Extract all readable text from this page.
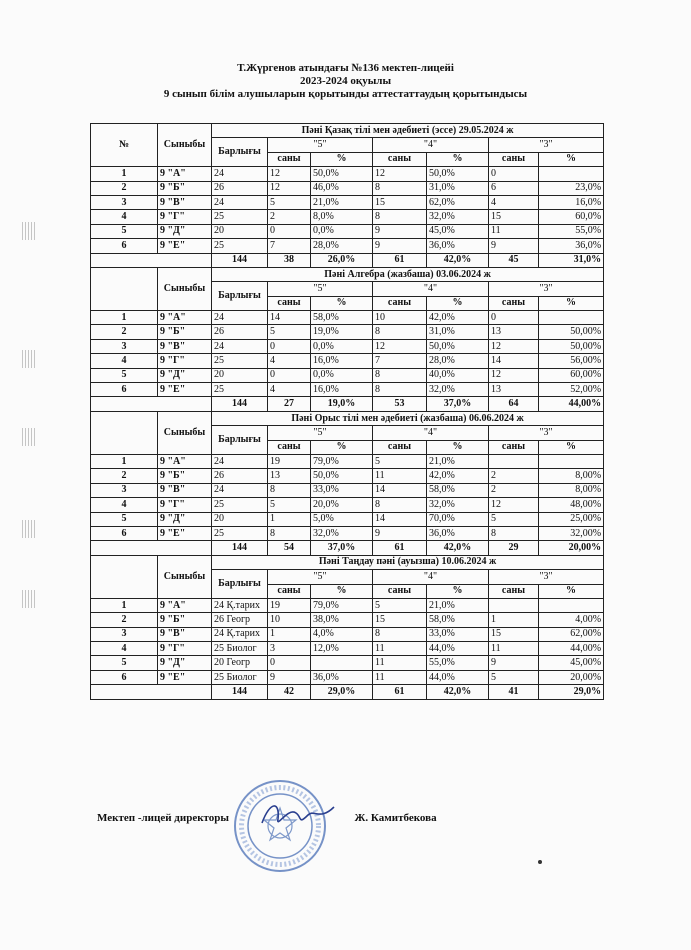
Т.Жүргенов атындағы №136 мектеп-лицейі
2023-2024 оқуылы
9 сынып білім алушыларын қорытынды аттестаттаудың қорытындысы
№	Сыныбы	Пәні Қазақ тілі мен әдебиеті (эссе) 29.05.2024 ж						
		Барлығы	"5"		"4"		"3"	
			саны	%	саны	%	саны	%
1	9 "А"	24	12	50,0%	12	50,0%	0	
2	9 "Б"	26	12	46,0%	8	31,0%	6	23,0%
3	9 "В"	24	5	21,0%	15	62,0%	4	16,0%
4	9 "Г"	25	2	8,0%	8	32,0%	15	60,0%
5	9 "Д"	20	0	0,0%	9	45,0%	11	55,0%
6	9 "Е"	25	7	28,0%	9	36,0%	9	36,0%
		144	38	26,0%	61	42,0%	45	31,0%
	Сыныбы	Пәні Алгебра (жазбаша) 03.06.2024 ж						
		Барлығы	"5"		"4"		"3"	
			саны	%	саны	%	саны	%
1	9 "А"	24	14	58,0%	10	42,0%	0	
2	9 "Б"	26	5	19,0%	8	31,0%	13	50,00%
3	9 "В"	24	0	0,0%	12	50,0%	12	50,00%
4	9 "Г"	25	4	16,0%	7	28,0%	14	56,00%
5	9 "Д"	20	0	0,0%	8	40,0%	12	60,00%
6	9 "Е"	25	4	16,0%	8	32,0%	13	52,00%
		144	27	19,0%	53	37,0%	64	44,00%
	Сыныбы	Пәні Орыс тілі мен әдебиеті (жазбаша) 06.06.2024 ж						
		Барлығы	"5"		"4"		"3"	
			саны	%	саны	%	саны	%
1	9 "А"	24	19	79,0%	5	21,0%		
2	9 "Б"	26	13	50,0%	11	42,0%	2	8,00%
3	9 "В"	24	8	33,0%	14	58,0%	2	8,00%
4	9 "Г"	25	5	20,0%	8	32,0%	12	48,00%
5	9 "Д"	20	1	5,0%	14	70,0%	5	25,00%
6	9 "Е"	25	8	32,0%	9	36,0%	8	32,00%
		144	54	37,0%	61	42,0%	29	20,00%
	Сыныбы	Пәні Таңдау пәні (ауызша) 10.06.2024 ж						
		Барлығы	"5"		"4"		"3"	
			саны	%	саны	%	саны	%
1	9 "А"	24 Қ.тарих	19	79,0%	5	21,0%		
2	9 "Б"	26 Геогр	10	38,0%	15	58,0%	1	4,00%
3	9 "В"	24 Қ.тарих	1	4,0%	8	33,0%	15	62,00%
4	9 "Г"	25 Биолог	3	12,0%	11	44,0%	11	44,00%
5	9 "Д"	20 Геогр	0		11	55,0%	9	45,00%
6	9 "Е"	25 Биолог	9	36,0%	11	44,0%	5	20,00%
		144	42	29,0%	61	42,0%	41	29,0%
Мектеп -лицей директоры	Ж. Камитбекова
